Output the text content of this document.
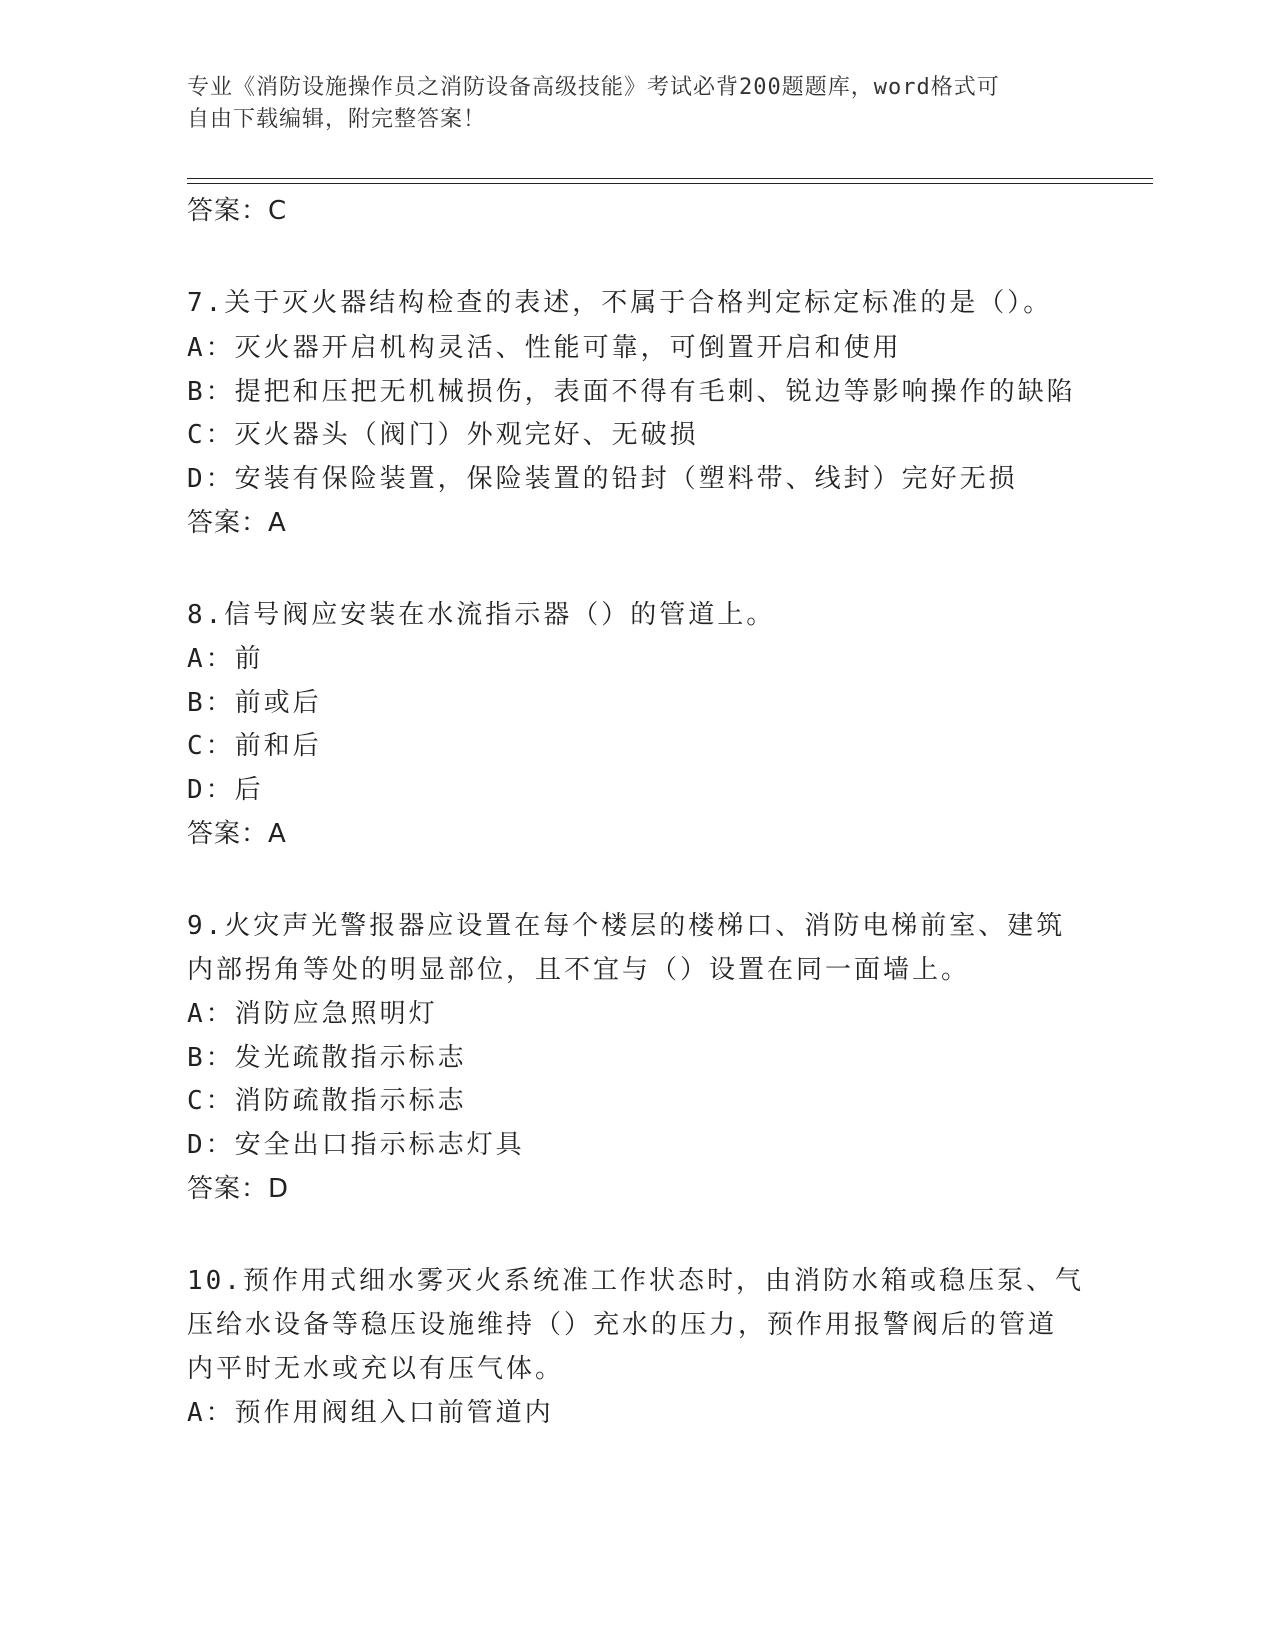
专业《消防设施操作员之消防设备高级技能》考试必背200题题库，word格式可
自由下载编辑，附完整答案！
答案：C
7.关于灭火器结构检查的表述，不属于合格判定标定标准的是（）。
A：灭火器开启机构灵活、性能可靠，可倒置开启和使用
B：提把和压把无机械损伤，表面不得有毛刺、锐边等影响操作的缺陷
C：灭火器头（阀门）外观完好、无破损
D：安装有保险装置，保险装置的铅封（塑料带、线封）完好无损
答案：A
8.信号阀应安装在水流指示器（）的管道上。
A：前
B：前或后
C：前和后
D：后
答案：A
9.火灾声光警报器应设置在每个楼层的楼梯口、消防电梯前室、建筑
内部拐角等处的明显部位，且不宜与（）设置在同一面墙上。
A：消防应急照明灯
B：发光疏散指示标志
C：消防疏散指示标志
D：安全出口指示标志灯具
答案：D
10.预作用式细水雾灭火系统准工作状态时，由消防水箱或稳压泵、气
压给水设备等稳压设施维持（）充水的压力，预作用报警阀后的管道
内平时无水或充以有压气体。
A：预作用阀组入口前管道内
